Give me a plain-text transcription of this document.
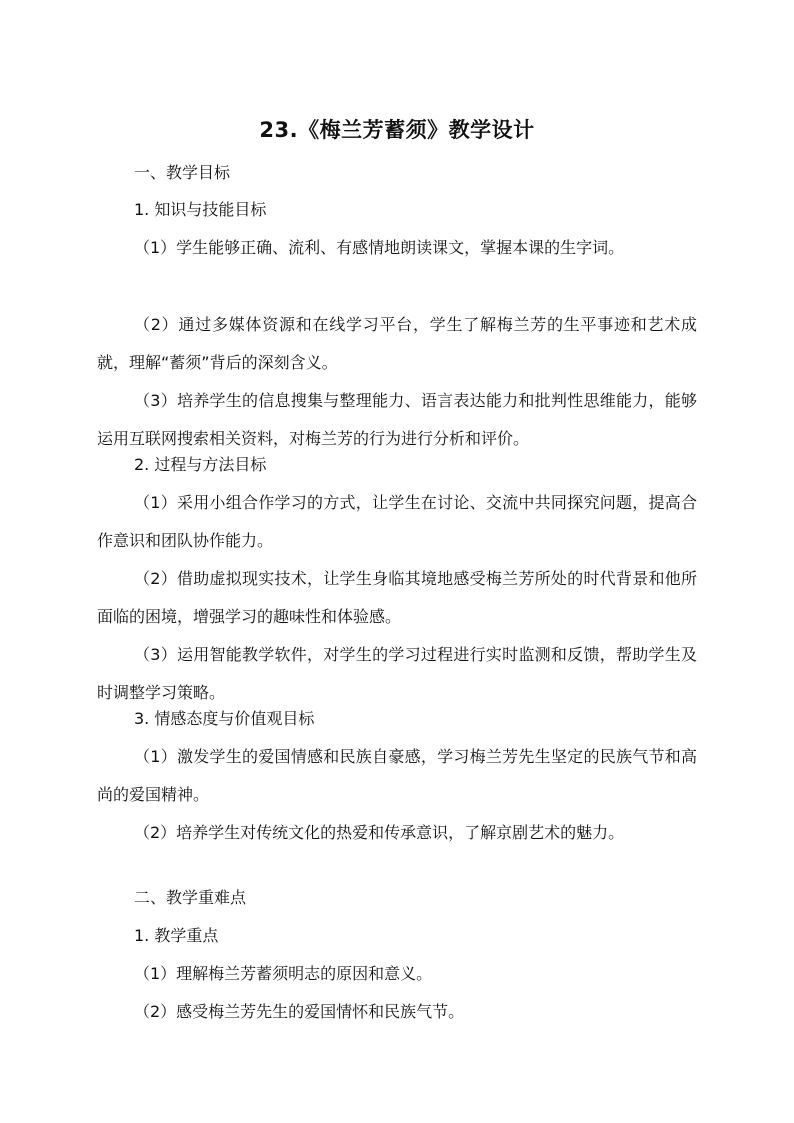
23.《梅兰芳蓄须》教学设计
一、教学目标
1. 知识与技能目标
（1）学生能够正确、流利、有感情地朗读课文，掌握本课的生字词。
（2）通过多媒体资源和在线学习平台，学生了解梅兰芳的生平事迹和艺术成就，理解“蓄须”背后的深刻含义。
（3）培养学生的信息搜集与整理能力、语言表达能力和批判性思维能力，能够运用互联网搜索相关资料，对梅兰芳的行为进行分析和评价。
2. 过程与方法目标
（1）采用小组合作学习的方式，让学生在讨论、交流中共同探究问题，提高合作意识和团队协作能力。
（2）借助虚拟现实技术，让学生身临其境地感受梅兰芳所处的时代背景和他所面临的困境，增强学习的趣味性和体验感。
（3）运用智能教学软件，对学生的学习过程进行实时监测和反馈，帮助学生及时调整学习策略。
3. 情感态度与价值观目标
（1）激发学生的爱国情感和民族自豪感，学习梅兰芳先生坚定的民族气节和高尚的爱国精神。
（2）培养学生对传统文化的热爱和传承意识，了解京剧艺术的魅力。
二、教学重难点
1. 教学重点
（1）理解梅兰芳蓄须明志的原因和意义。
（2）感受梅兰芳先生的爱国情怀和民族气节。
